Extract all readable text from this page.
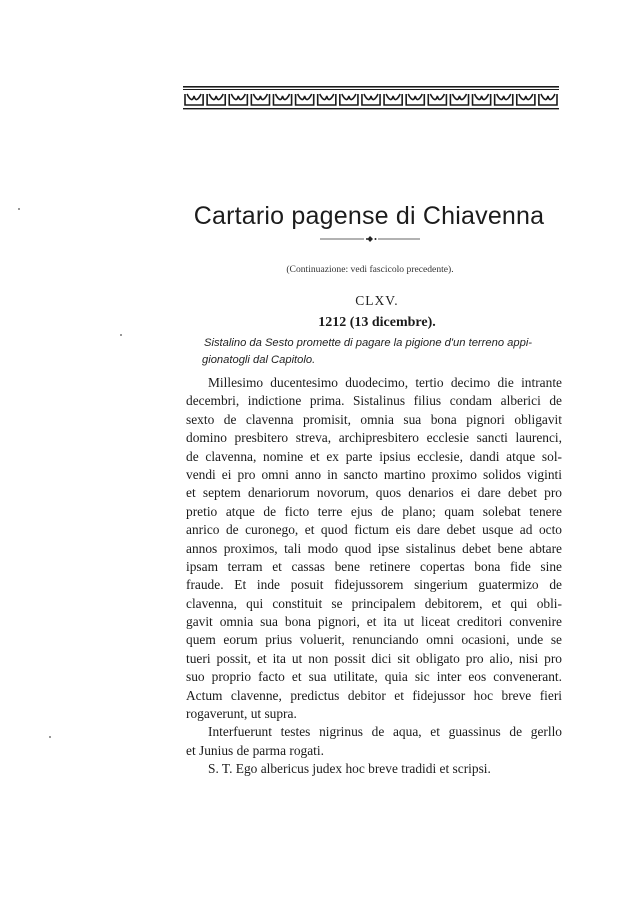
Cartario pagense di Chiavenna
(Continuazione: vedi fascicolo precedente).
CLXV.
1212 (13 dicembre).
Sistalino da Sesto promette di pagare la pigione d'un terreno appi-
gionatogli dal Capitolo.
Millesimo ducentesimo duodecimo, tertio decimo die intrante
decembri, indictione prima. Sistalinus filius condam alberici de
sexto de clavenna promisit, omnia sua bona pignori obligavit
domino presbitero streva, archipresbitero ecclesie sancti laurenci,
de clavenna, nomine et ex parte ipsius ecclesie, dandi atque sol-
vendi ei pro omni anno in sancto martino proximo solidos viginti
et septem denariorum novorum, quos denarios ei dare debet pro
pretio atque de ficto terre ejus de plano; quam solebat tenere
anrico de curonego, et quod fictum eis dare debet usque ad octo
annos proximos, tali modo quod ipse sistalinus debet bene abtare
ipsam terram et cassas bene retinere copertas bona fide sine
fraude. Et inde posuit fidejussorem singerium guatermizo de
clavenna, qui constituit se principalem debitorem, et qui obli-
gavit omnia sua bona pignori, et ita ut liceat creditori convenire
quem eorum prius voluerit, renunciando omni ocasioni, unde se
tueri possit, et ita ut non possit dici sit obligato pro alio, nisi pro
suo proprio facto et sua utilitate, quia sic inter eos convenerant.
Actum clavenne, predictus debitor et fidejussor hoc breve fieri
rogaverunt, ut supra.
Interfuerunt testes nigrinus de aqua, et guassinus de gerllo
et Junius de parma rogati.
S. T. Ego albericus judex hoc breve tradidi et scripsi.
